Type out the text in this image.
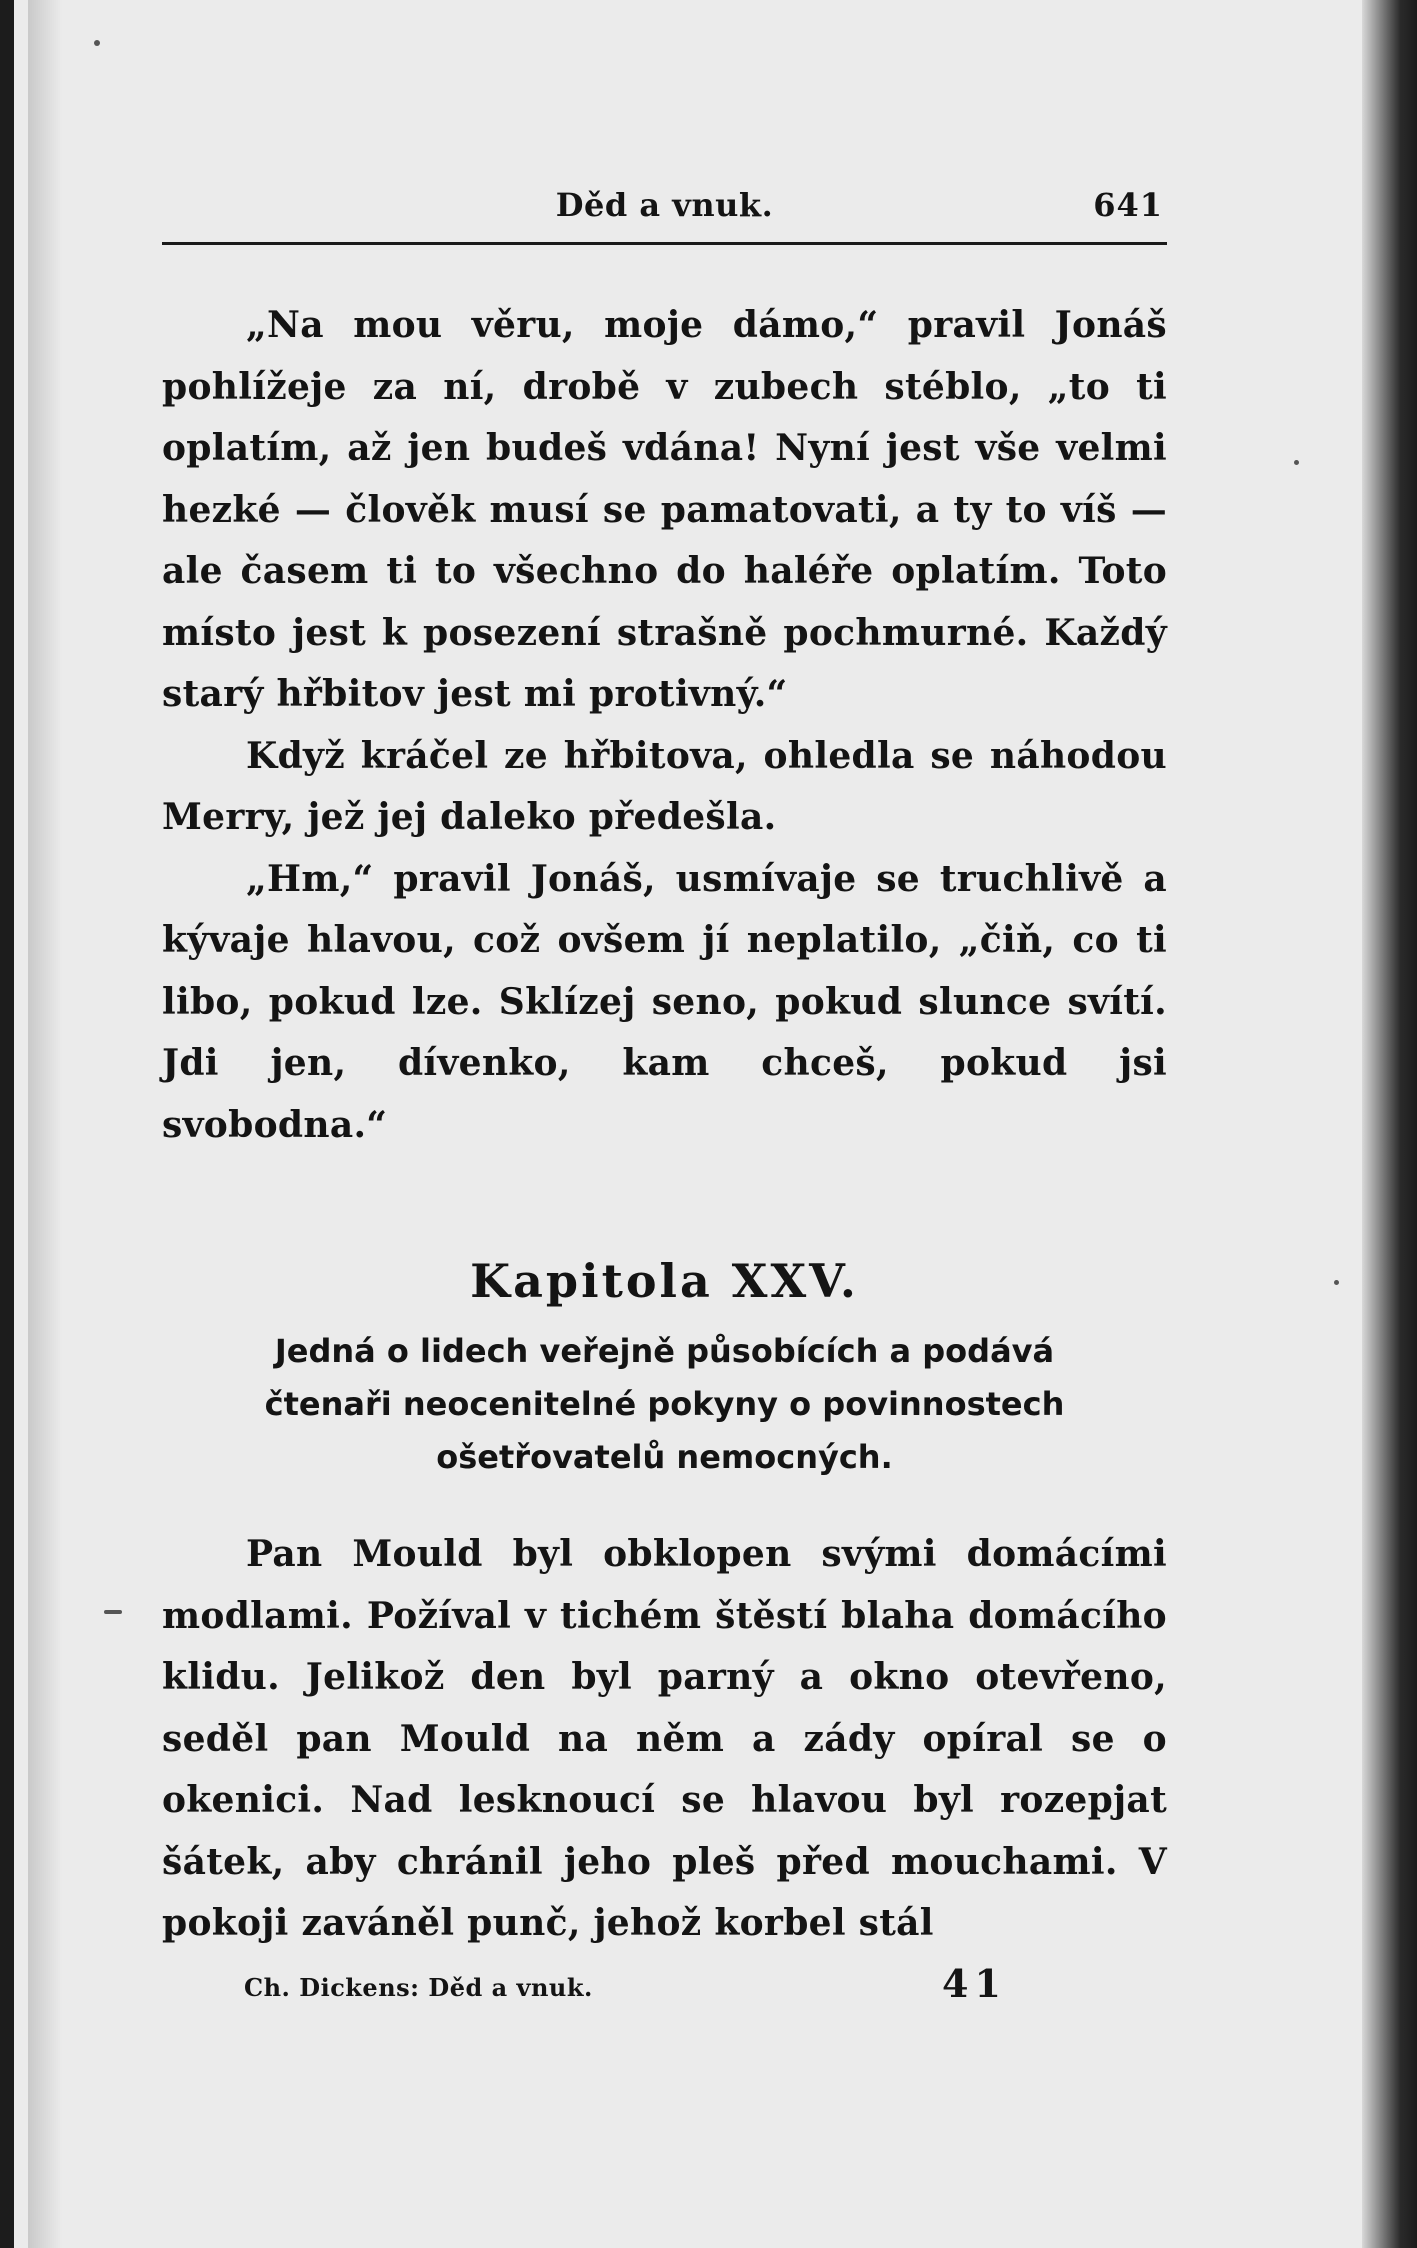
Děd a vnuk.	641

„Na mou věru, moje dámo,“ pravil Jonáš pohlížeje za ní, drobě v zubech stéblo, „to ti oplatím, až jen budeš vdána! Nyní jest vše velmi hezké — člověk musí se pamatovati, a ty to víš — ale časem ti to všechno do haléře oplatím. Toto místo jest k posezení strašně pochmurné. Každý starý hřbitov jest mi protivný.“

Když kráčel ze hřbitova, ohledla se náhodou Merry, jež jej daleko předešla.

„Hm,“ pravil Jonáš, usmívaje se truchlivě a kývaje hlavou, což ovšem jí neplatilo, „čiň, co ti libo, pokud lze. Sklízej seno, pokud slunce svítí. Jdi jen, dívenko, kam chceš, pokud jsi svobodna.“

Kapitola XXV.
Jedná o lidech veřejně působících a podává
čtenaři neocenitelné pokyny o povinnostech
ošetřovatelů nemocných.

Pan Mould byl obklopen svými domácími modlami. Požíval v tichém štěstí blaha domácího klidu. Jelikož den byl parný a okno otevřeno, seděl pan Mould na něm a zády opíral se o okenici. Nad lesknoucí se hlavou byl rozepjat šátek, aby chránil jeho pleš před mouchami. V pokoji zaváněl punč, jehož korbel stál

Ch. Dickens: Děd a vnuk.	41
